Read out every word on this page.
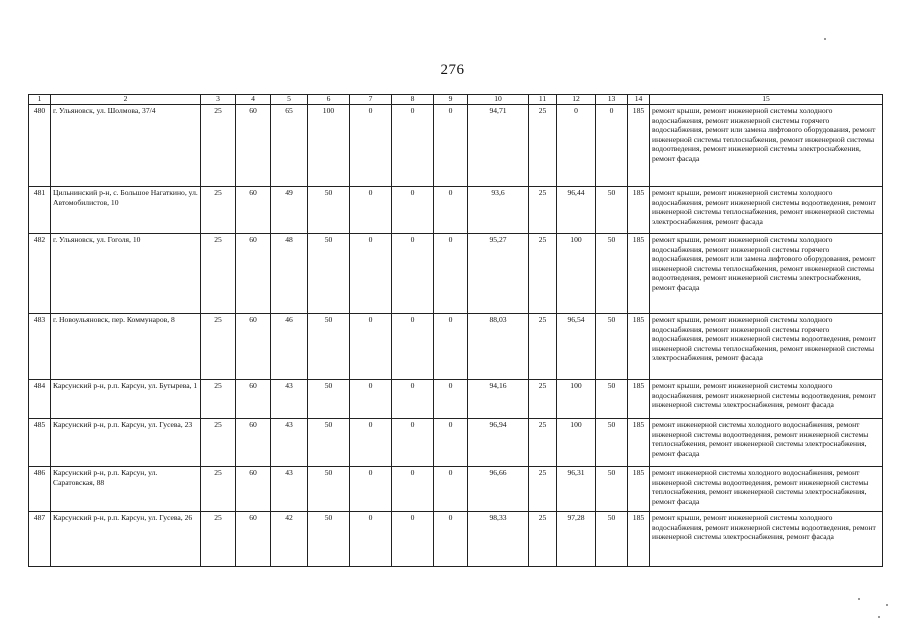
276
1	2	3	4	5	6	7	8	9	10	11	12	13	14	15
480	г. Ульяновск, ул. Шолмова, 37/4	25	60	65	100	0	0	0	94,71	25	0	0	185	ремонт крыши, ремонт инженерной системы холодного водоснабжения, ремонт инженерной системы горячего водоснабжения, ремонт или замена лифтового оборудования, ремонт инженерной системы теплоснабжения, ремонт инженерной системы водоотведения, ремонт инженерной системы электроснабжения, ремонт фасада
481	Цильнинский р-н, с. Большое Нагаткино, ул. Автомобилистов, 10	25	60	49	50	0	0	0	93,6	25	96,44	50	185	ремонт крыши, ремонт инженерной системы холодного водоснабжения, ремонт инженерной системы водоотведения, ремонт инженерной системы теплоснабжения, ремонт инженерной системы электроснабжения, ремонт фасада
482	г. Ульяновск, ул. Гоголя, 10	25	60	48	50	0	0	0	95,27	25	100	50	185	ремонт крыши, ремонт инженерной системы холодного водоснабжения, ремонт инженерной системы горячего водоснабжения, ремонт или замена лифтового оборудования, ремонт инженерной системы теплоснабжения, ремонт инженерной системы водоотведения, ремонт инженерной системы электроснабжения, ремонт фасада
483	г. Новоульяновск, пер. Коммунаров, 8	25	60	46	50	0	0	0	88,03	25	96,54	50	185	ремонт крыши, ремонт инженерной системы холодного водоснабжения, ремонт инженерной системы горячего водоснабжения, ремонт инженерной системы водоотведения, ремонт инженерной системы теплоснабжения, ремонт инженерной системы электроснабжения, ремонт фасада
484	Карсунский р-н, р.п. Карсун, ул. Бутырева, 1	25	60	43	50	0	0	0	94,16	25	100	50	185	ремонт крыши, ремонт инженерной системы холодного водоснабжения, ремонт инженерной системы водоотведения, ремонт инженерной системы электроснабжения, ремонт фасада
485	Карсунский р-н, р.п. Карсун, ул. Гусева, 23	25	60	43	50	0	0	0	96,94	25	100	50	185	ремонт инженерной системы холодного водоснабжения, ремонт инженерной системы водоотведения, ремонт инженерной системы теплоснабжения, ремонт инженерной системы электроснабжения, ремонт фасада
486	Карсунский р-н, р.п. Карсун, ул. Саратовская, 88	25	60	43	50	0	0	0	96,66	25	96,31	50	185	ремонт инженерной системы холодного водоснабжения, ремонт инженерной системы водоотведения, ремонт инженерной системы теплоснабжения, ремонт инженерной системы электроснабжения, ремонт фасада
487	Карсунский р-н, р.п. Карсун, ул. Гусева, 26	25	60	42	50	0	0	0	98,33	25	97,28	50	185	ремонт крыши, ремонт инженерной системы холодного водоснабжения, ремонт инженерной системы водоотведения, ремонт инженерной системы электроснабжения, ремонт фасада
